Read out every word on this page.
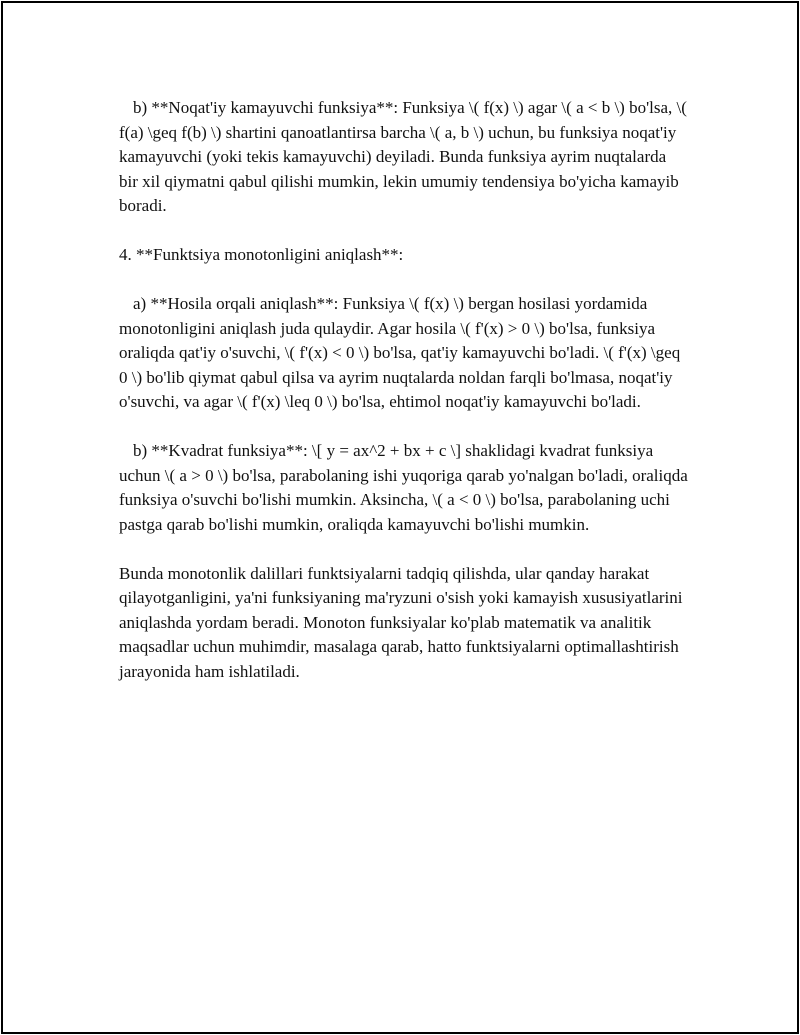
b) **Noqat'iy kamayuvchi funksiya**: Funksiya \( f(x) \) agar \( a < b \) bo'lsa, \( f(a) \geq f(b) \) shartini qanoatlantirsa barcha \( a, b \) uchun, bu funksiya noqat'iy kamayuvchi (yoki tekis kamayuvchi) deyiladi. Bunda funksiya ayrim nuqtalarda bir xil qiymatni qabul qilishi mumkin, lekin umumiy tendensiya bo'yicha kamayib boradi.

4. **Funktsiya monotonligini aniqlash**:

a) **Hosila orqali aniqlash**: Funksiya \( f(x) \) bergan hosilasi yordamida monotonligini aniqlash juda qulaydir. Agar hosila \( f'(x) > 0 \) bo'lsa, funksiya oraliqda qat'iy o'suvchi, \( f'(x) < 0 \) bo'lsa, qat'iy kamayuvchi bo'ladi. \( f'(x) \geq 0 \) bo'lib qiymat qabul qilsa va ayrim nuqtalarda noldan farqli bo'lmasa, noqat'iy o'suvchi, va agar \( f'(x) \leq 0 \) bo'lsa, ehtimol noqat'iy kamayuvchi bo'ladi.

b) **Kvadrat funksiya**: \[ y = ax^2 + bx + c \] shaklidagi kvadrat funksiya uchun \( a > 0 \) bo'lsa, parabolaning ishi yuqoriga qarab yo'nalgan bo'ladi, oraliqda funksiya o'suvchi bo'lishi mumkin. Aksincha, \( a < 0 \) bo'lsa, parabolaning uchi pastga qarab bo'lishi mumkin, oraliqda kamayuvchi bo'lishi mumkin.

Bunda monotonlik dalillari funktsiyalarni tadqiq qilishda, ular qanday harakat qilayotganligini, ya'ni funksiyaning ma'ryzuni o'sish yoki kamayish xususiyatlarini aniqlashda yordam beradi. Monoton funksiyalar ko'plab matematik va analitik maqsadlar uchun muhimdir, masalaga qarab, hatto funktsiyalarni optimallashtirish jarayonida ham ishlatiladi.
